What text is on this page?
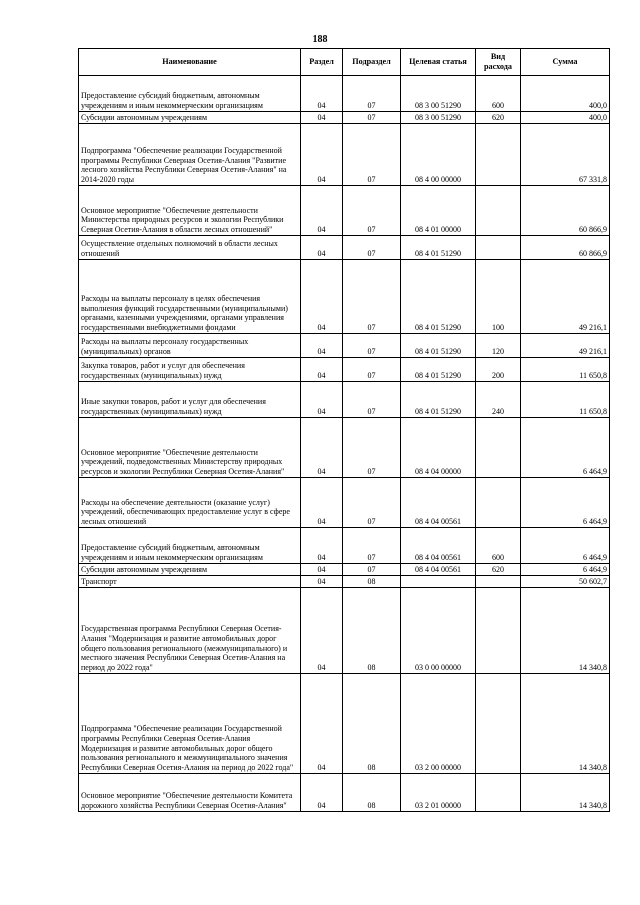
188
Наименование	Раздел	Подраздел	Целевая статья	Вид расхода	Сумма
Предоставление субсидий бюджетным, автономным учреждениям и иным некоммерческим организациям	04	07	08 3 00 51290	600	400,0
Субсидии автономным учреждениям	04	07	08 3 00 51290	620	400,0
Подпрограмма "Обеспечение реализации Государственной программы Республики Северная Осетия-Алания "Развитие лесного хозяйства Республики Северная Осетия-Алания" на 2014-2020 годы	04	07	08 4 00 00000		67 331,8
Основное мероприятие "Обеспечение деятельности Министерства природных ресурсов и экологии Республики Северная Осетия-Алания в области лесных отношений"	04	07	08 4 01 00000		60 866,9
Осуществление отдельных полномочий в области лесных отношений	04	07	08 4 01 51290		60 866,9
Расходы на выплаты персоналу в целях обеспечения выполнения функций государственными (муниципальными) органами, казенными учреждениями, органами управления государственными внебюджетными фондами	04	07	08 4 01 51290	100	49 216,1
Расходы на выплаты персоналу государственных (муниципальных) органов	04	07	08 4 01 51290	120	49 216,1
Закупка товаров, работ и услуг для обеспечения государственных (муниципальных) нужд	04	07	08 4 01 51290	200	11 650,8
Иные закупки товаров, работ и услуг для обеспечения государственных (муниципальных) нужд	04	07	08 4 01 51290	240	11 650,8
Основное мероприятие "Обеспечение деятельности учреждений, подведомственных Министерству природных ресурсов и экологии Республики Северная Осетия-Алания"	04	07	08 4 04 00000		6 464,9
Расходы на обеспечение деятельности (оказание услуг) учреждений, обеспечивающих предоставление услуг в сфере лесных отношений	04	07	08 4 04 00561		6 464,9
Предоставление субсидий бюджетным, автономным учреждениям и иным некоммерческим организациям	04	07	08 4 04 00561	600	6 464,9
Субсидии автономным учреждениям	04	07	08 4 04 00561	620	6 464,9
Транспорт	04	08			50 602,7
Государственная программа Республики Северная Осетия-Алания "Модернизация и развитие автомобильных дорог общего пользования регионального (межмуниципального) и местного значения Республики Северная Осетия-Алания на период до 2022 года"	04	08	03 0 00 00000		14 340,8
Подпрограмма "Обеспечение реализации Государственной программы Республики Северная Осетия-Алания Модернизация и развитие автомобильных дорог общего пользования регионального и межмуниципального значения Республики Северная Осетия-Алания на период до 2022 года"	04	08	03 2 00 00000		14 340,8
Основное мероприятие "Обеспечение деятельности Комитета дорожного хозяйства Республики Северная Осетия-Алания"	04	08	03 2 01 00000		14 340,8
